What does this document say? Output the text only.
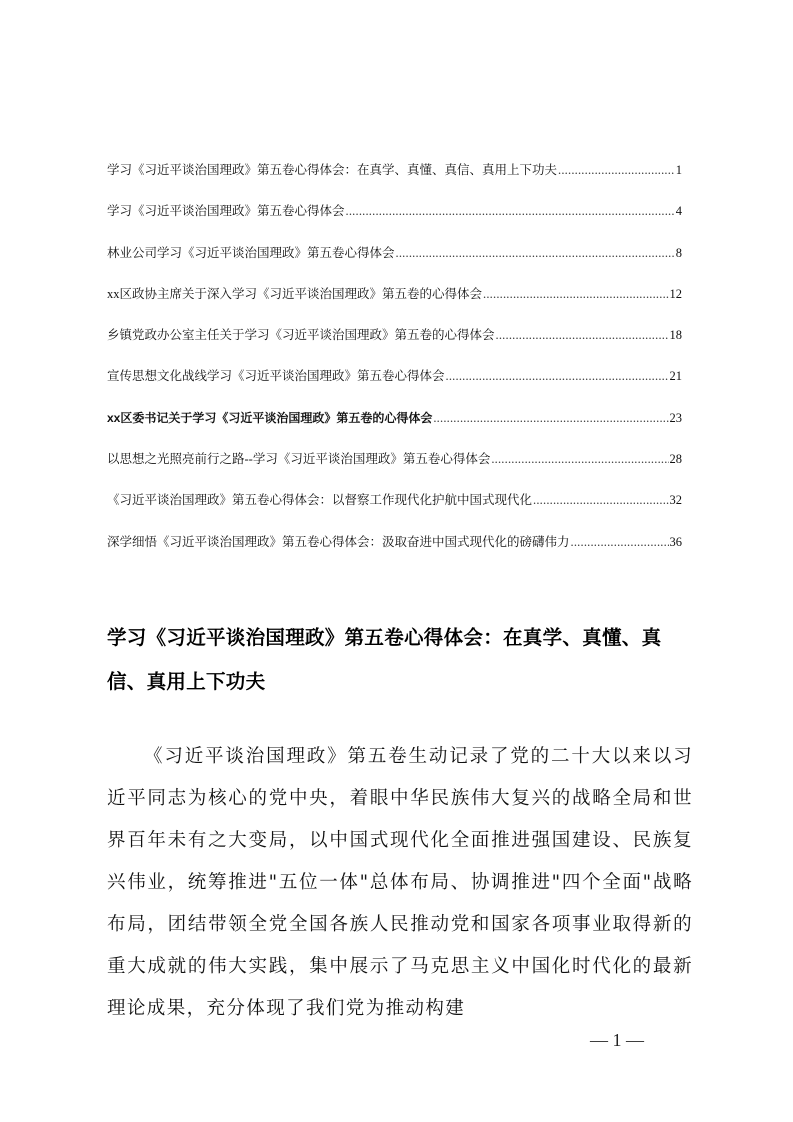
学习《习近平谈治国理政》第五卷心得体会：在真学、真懂、真信、真用上下功夫 .....	1
学习《习近平谈治国理政》第五卷心得体会 .....	4
林业公司学习《习近平谈治国理政》第五卷心得体会 .....	8
xx区政协主席关于深入学习《习近平谈治国理政》第五卷的心得体会 .....	12
乡镇党政办公室主任关于学习《习近平谈治国理政》第五卷的心得体会 .....	18
宣传思想文化战线学习《习近平谈治国理政》第五卷心得体会 .....	21
xx区委书记关于学习《习近平谈治国理政》第五卷的心得体会 .....	23
以思想之光照亮前行之路--学习《习近平谈治国理政》第五卷心得体会 .....	28
《习近平谈治国理政》第五卷心得体会：以督察工作现代化护航中国式现代化 .....	32
深学细悟《习近平谈治国理政》第五卷心得体会：汲取奋进中国式现代化的磅礴伟力 .....	36
学习《习近平谈治国理政》第五卷心得体会：在真学、真懂、真信、真用上下功夫

《习近平谈治国理政》第五卷生动记录了党的二十大以来以习近平同志为核心的党中央，着眼中华民族伟大复兴的战略全局和世界百年未有之大变局，以中国式现代化全面推进强国建设、民族复兴伟业，统筹推进"五位一体"总体布局、协调推进"四个全面"战略布局，团结带领全党全国各族人民推动党和国家各项事业取得新的重大成就的伟大实践，集中展示了马克思主义中国化时代化的最新理论成果，充分体现了我们党为推动构建

— 1 —
